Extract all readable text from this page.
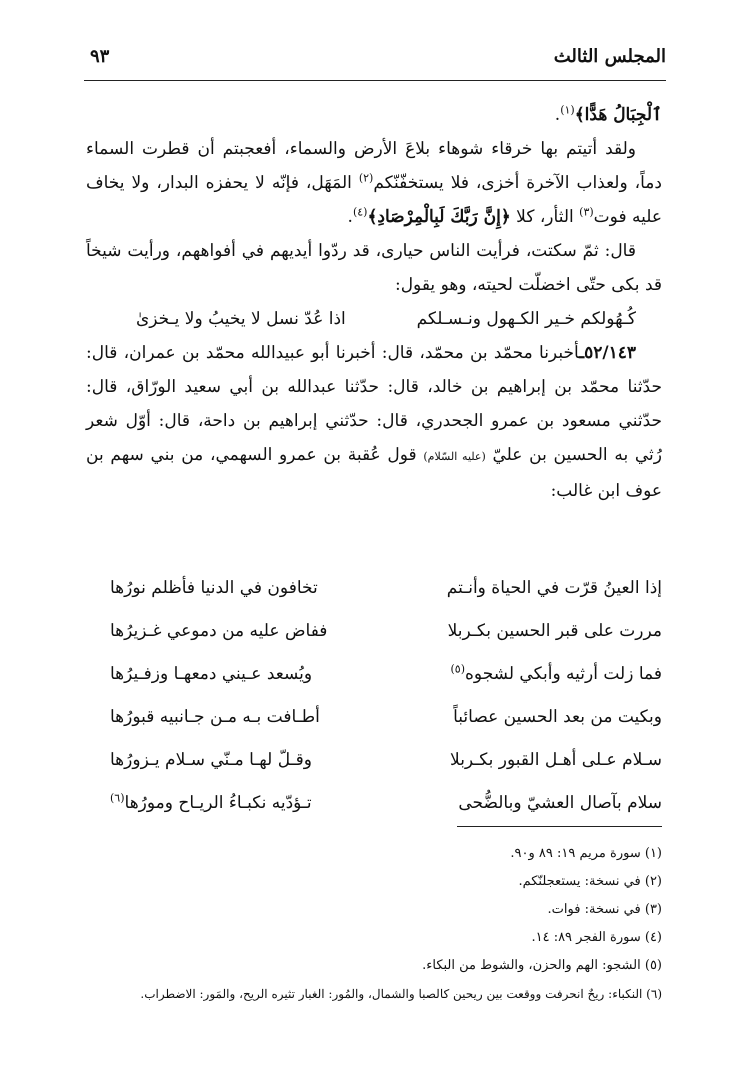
المجلس الثالث
٩٣

ٱلْجِبَالُ هَدًّا﴾$^{(١)}$.

ولقد أتيتم بها خرقاء شوهاء بلاعَ الأرض والسماء، أفعجبتم أن قطرت السماء دماً، ولعذاب الآخرة أخزى، فلا يستخفّنّكم$^{(٢)}$ المَهَل، فإنّه لا يحفزه البدار، ولا يخاف عليه فوت$^{(٣)}$ الثأر، كلا ﴿إِنَّ رَبَّكَ لَبِالْمِرْصَادِ﴾$^{(٤)}$.

قال: ثمّ سكتت، فرأيت الناس حيارى، قد ردّوا أيديهم في أفواههم، ورأيت شيخاً قد بكى حتّى اخضلّت لحيته، وهو يقول:

كُـهُولكم خـير الكـهول ونـسـلكم
اذا عُدّ نسل لا يخيبُ ولا يـخزىٰ

٥٢/١٤٣ـأخبرنا محمّد بن محمّد، قال: أخبرنا أبو عبيدالله محمّد بن عمران، قال: حدّثنا محمّد بن إبراهيم بن خالد، قال: حدّثنا عبدالله بن أبي سعيد الورّاق، قال: حدّثني مسعود بن عمرو الجحدري، قال: حدّثني إبراهيم بن داحة، قال: أوّل شعر رُثي به الحسين بن عليّ (عليه السّلام) قول عُقبة بن عمرو السهمي، من بني سهم بن عوف ابن غالب:

إذا العينُ قرّت في الحياة وأنـتم
تخافون في الدنيا فأظلم نورُها
مررت على قبر الحسين بكـربلا
ففاض عليه من دموعي غـزيرُها
فما زلت أرثيه وأبكي لشجوه$^{(٥)}$
ويُسعد عـيني دمعهـا وزفـيرُها
وبكيت من بعد الحسين عصائباً
أطـافت بـه مـن جـانبيه قبورُها
سـلام عـلى أهـل القبور بكـربلا
وقـلّ لهـا مـنّي سـلام يـزورُها
سلام بآصال العشيّ وبالضُّحى
تـؤدّيه نكبـاءُ الريـاح ومورُها$^{(٦)}$
(١) سورة مريم ١٩: ٨٩ و٩٠.
(٢) في نسخة: يستعجلنّكم.
(٣) في نسخة: فوات.
(٤) سورة الفجر ٨٩: ١٤.
(٥) الشجو: الهم والحزن، والشوط من البكاء.
(٦) النكباء: ريحٌ انحرفت ووقعت بين ريحين كالصبا والشمال، والمُور: الغبار تثيره الريح، والمَور: الاضطراب.
